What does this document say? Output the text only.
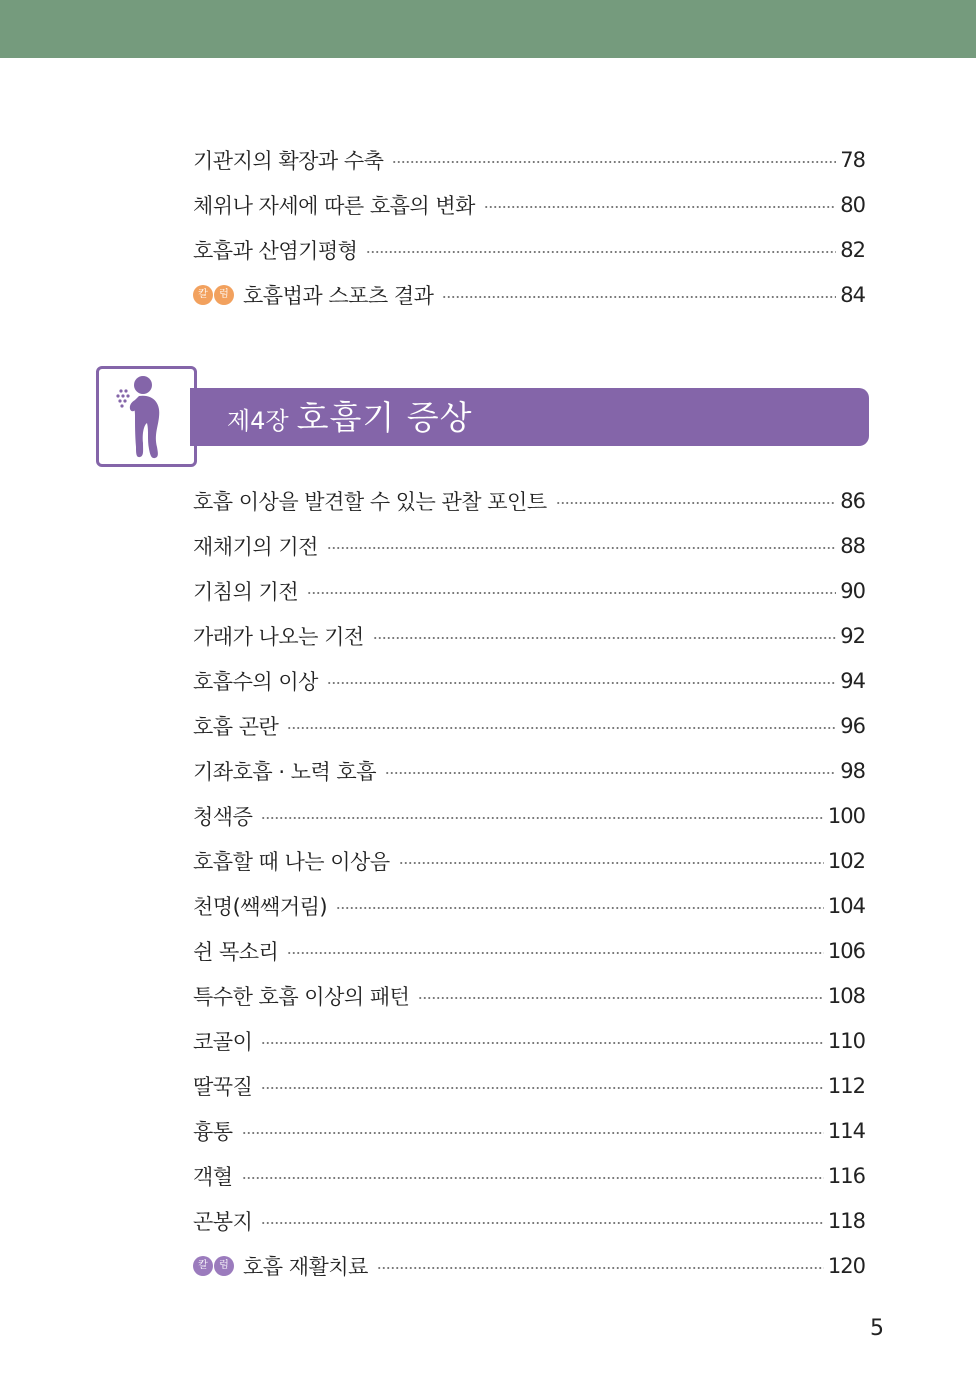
기관지의 확장과 수축	78
체위나 자세에 따른 호흡의 변화	80
호흡과 산염기평형	82
칼	럼 호흡법과 스포츠 결과	84
제4장 호흡기 증상
호흡 이상을 발견할 수 있는 관찰 포인트	86
재채기의 기전	88
기침의 기전	90
가래가 나오는 기전	92
호흡수의 이상	94
호흡 곤란	96
기좌호흡 · 노력 호흡	98
청색증	100
호흡할 때 나는 이상음	102
천명(쌕쌕거림)	104
쉰 목소리	106
특수한 호흡 이상의 패턴	108
코골이	110
딸꾹질	112
흉통	114
객혈	116
곤봉지	118
칼	럼 호흡 재활치료	120
5
